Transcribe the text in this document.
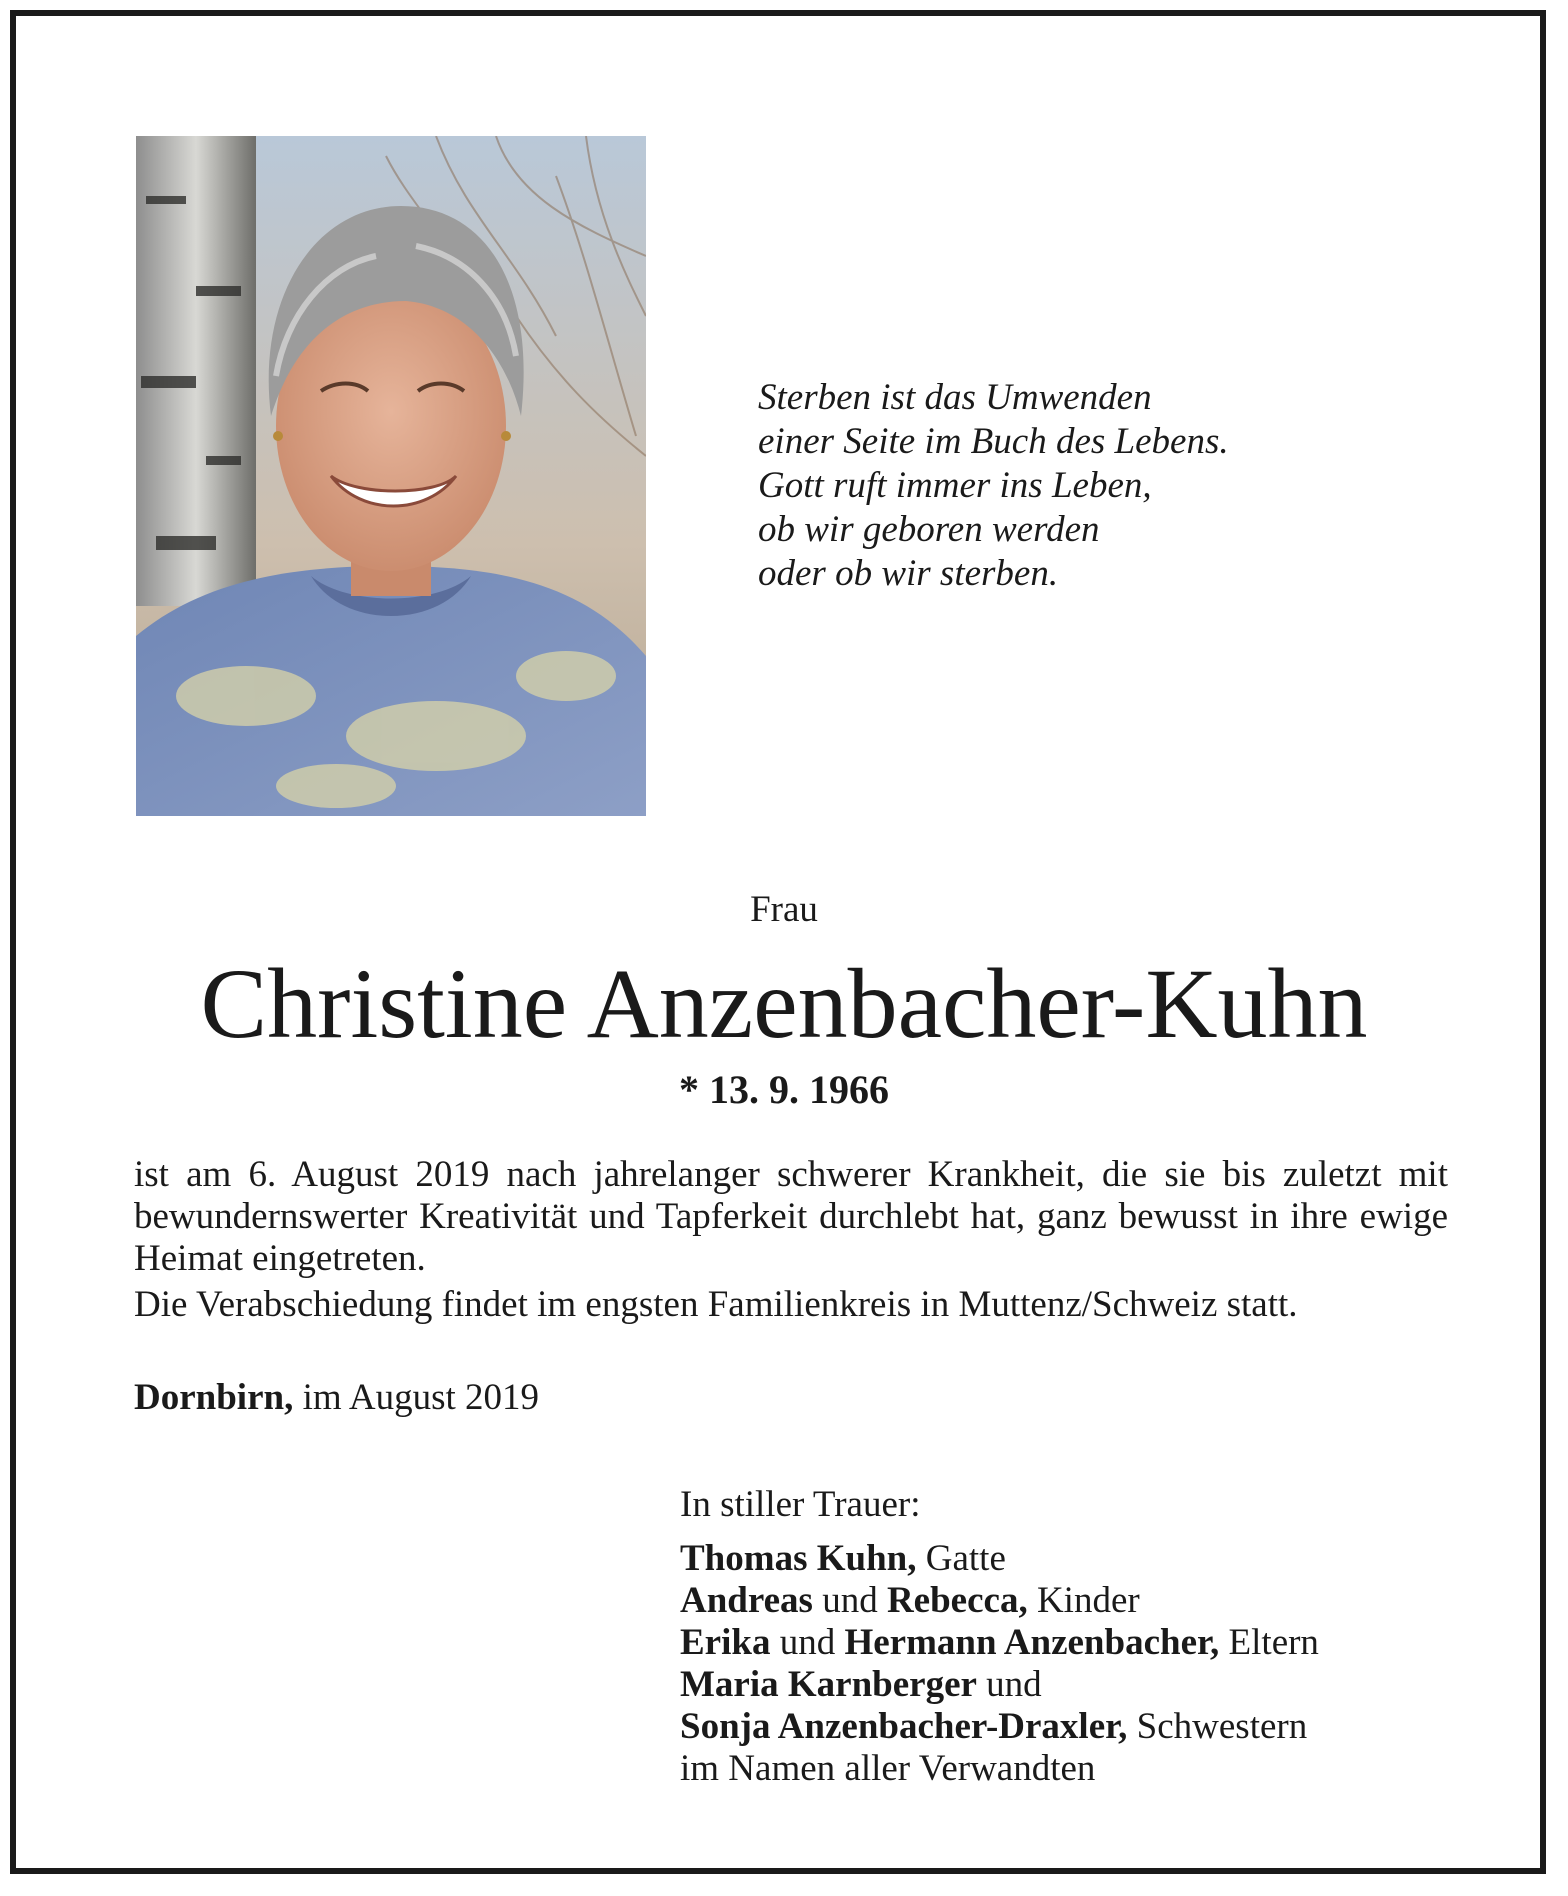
Sterben ist das Umwenden
einer Seite im Buch des Lebens.
Gott ruft immer ins Leben,
ob wir geboren werden
oder ob wir sterben.
Frau
Christine Anzenbacher-Kuhn
* 13. 9. 1966

ist am 6. August 2019 nach jahrelanger schwerer Krankheit, die sie bis zuletzt mit bewundernswerter Kreativität und Tapferkeit durchlebt hat, ganz bewusst in ihre ewige Heimat eingetreten.

Die Verabschiedung findet im engsten Familienkreis in Muttenz/Schweiz statt.

Dornbirn, im August 2019
In stiller Trauer:
Thomas Kuhn, Gatte
Andreas und Rebecca, Kinder
Erika und Hermann Anzenbacher, Eltern
Maria Karnberger und
Sonja Anzenbacher-Draxler, Schwestern
im Namen aller Verwandten
